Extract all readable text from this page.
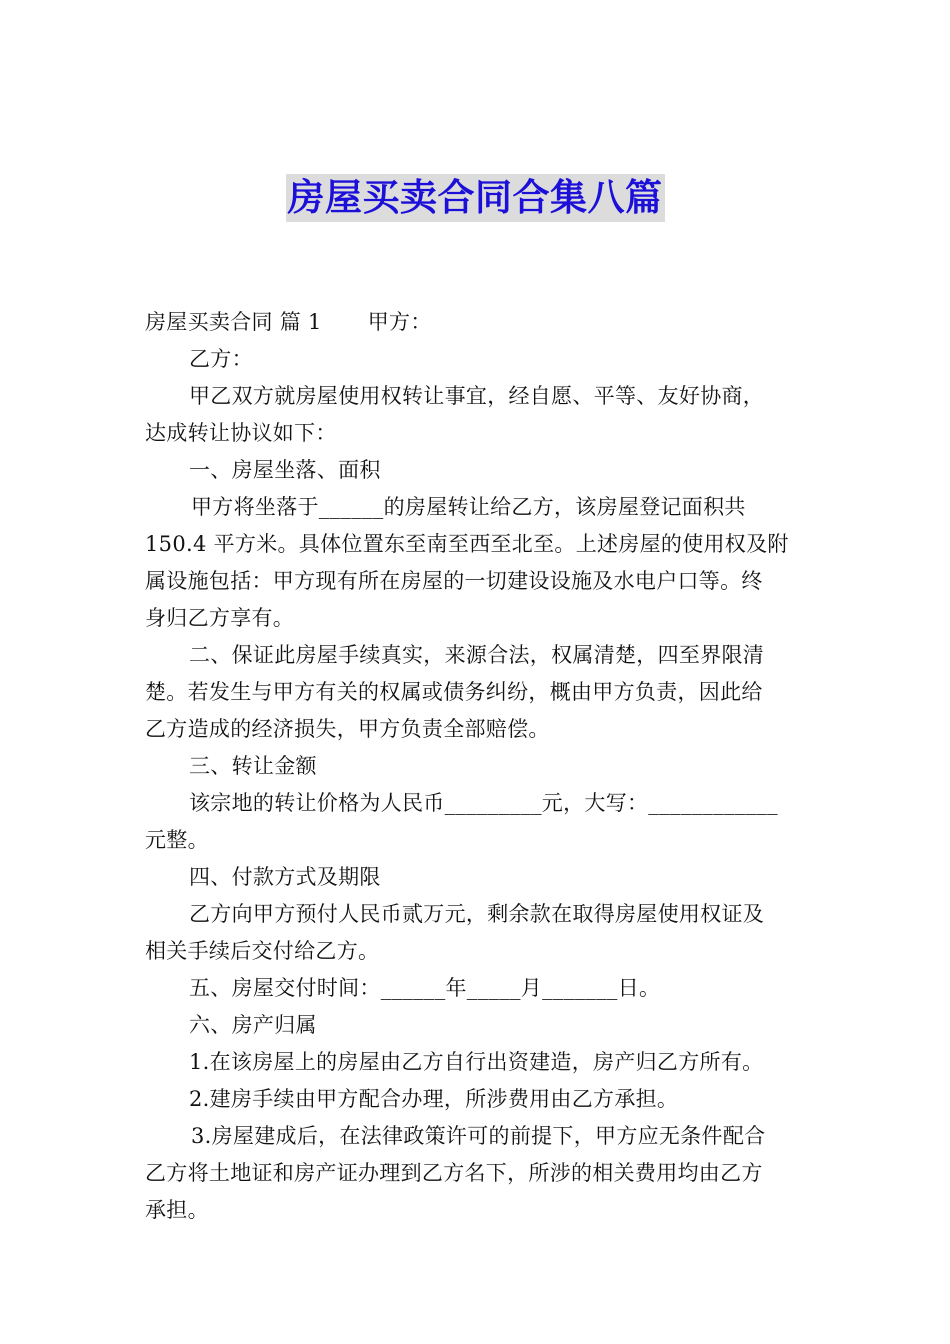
房屋买卖合同合集八篇

房屋买卖合同 篇 1 甲方：

乙方：

甲乙双方就房屋使用权转让事宜，经自愿、平等、友好协商，

达成转让协议如下：

一、房屋坐落、面积

甲方将坐落于______的房屋转让给乙方，该房屋登记面积共

150.4 平方米。具体位置东至南至西至北至。上述房屋的使用权及附

属设施包括：甲方现有所在房屋的一切建设设施及水电户口等。终

身归乙方享有。

二、保证此房屋手续真实，来源合法，权属清楚，四至界限清

楚。若发生与甲方有关的权属或债务纠纷，概由甲方负责，因此给

乙方造成的经济损失，甲方负责全部赔偿。

三、转让金额

该宗地的转让价格为人民币_________元，大写：____________

元整。

四、付款方式及期限

乙方向甲方预付人民币贰万元，剩余款在取得房屋使用权证及

相关手续后交付给乙方。

五、房屋交付时间：______年_____月_______日。

六、房产归属

1.在该房屋上的房屋由乙方自行出资建造，房产归乙方所有。

2.建房手续由甲方配合办理，所涉费用由乙方承担。

3.房屋建成后，在法律政策许可的前提下，甲方应无条件配合

乙方将土地证和房产证办理到乙方名下，所涉的相关费用均由乙方

承担。
